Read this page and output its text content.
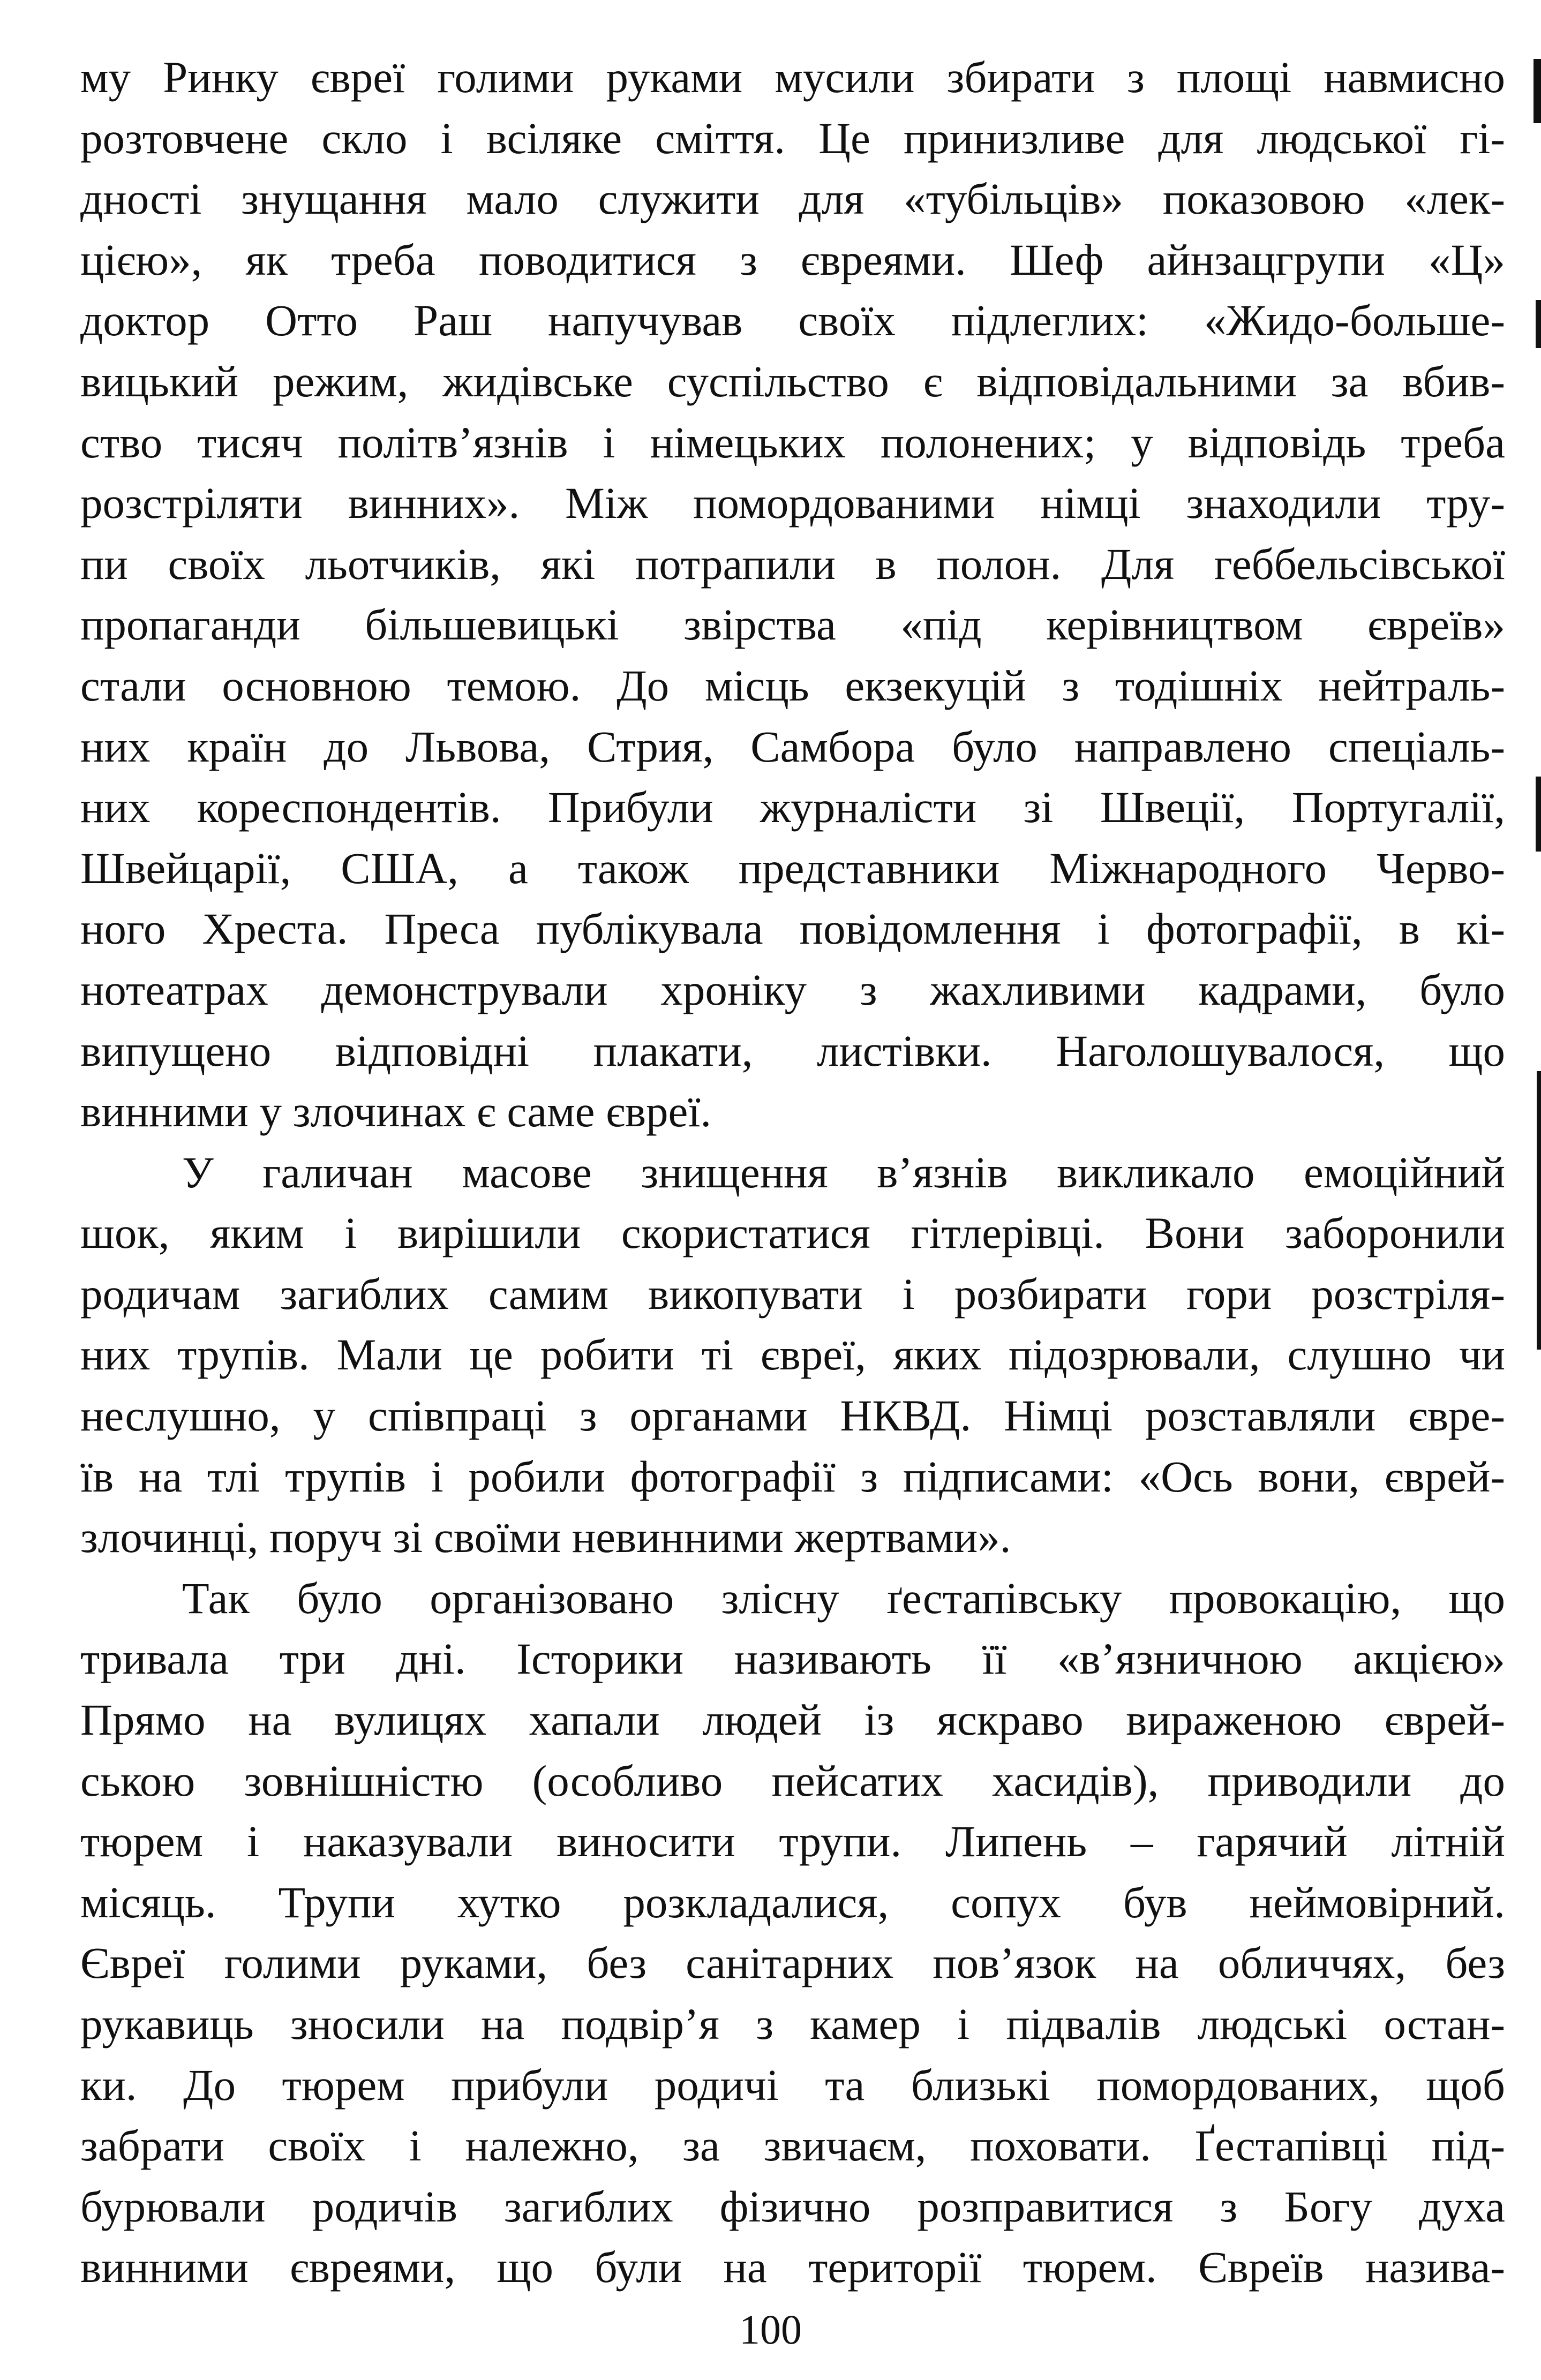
му Ринку євреї голими руками мусили збирати з площі навмисно
розтовчене скло і всіляке сміття. Це принизливе для людської гі-
дності знущання мало служити для «тубільців» показовою «лек-
цією», як треба поводитися з євреями. Шеф айнзацгрупи «Ц»
доктор Отто Раш напучував своїх підлеглих: «Жидо-больше-
вицький режим, жидівське суспільство є відповідальними за вбив-
ство тисяч політв’язнів і німецьких полонених; у відповідь треба
розстріляти винних». Між помордованими німці знаходили тру-
пи своїх льотчиків, які потрапили в полон. Для геббельсівської
пропаганди більшевицькі звірства «під керівництвом євреїв»
стали основною темою. До місць екзекуцій з тодішніх нейтраль-
них країн до Львова, Стрия, Самбора було направлено спеціаль-
них кореспондентів. Прибули журналісти зі Швеції, Португалії,
Швейцарії, США, а також представники Міжнародного Черво-
ного Хреста. Преса публікувала повідомлення і фотографії, в кі-
нотеатрах демонстрували хроніку з жахливими кадрами, було
випущено відповідні плакати, листівки. Наголошувалося, що
винними у злочинах є саме євреї.
У галичан масове знищення в’язнів викликало емоційний
шок, яким і вирішили скористатися гітлерівці. Вони заборонили
родичам загиблих самим викопувати і розбирати гори розстріля-
них трупів. Мали це робити ті євреї, яких підозрювали, слушно чи
неслушно, у співпраці з органами НКВД. Німці розставляли євре-
їв на тлі трупів і робили фотографії з підписами: «Ось вони, єврей-
злочинці, поруч зі своїми невинними жертвами».
Так було організовано злісну ґестапівську провокацію, що
тривала три дні. Історики називають її «в’язничною акцією»
Прямо на вулицях хапали людей із яскраво вираженою єврей-
ською зовнішністю (особливо пейсатих хасидів), приводили до
тюрем і наказували виносити трупи. Липень – гарячий літній
місяць. Трупи хутко розкладалися, сопух був неймовірний.
Євреї голими руками, без санітарних пов’язок на обличчях, без
рукавиць зносили на подвір’я з камер і підвалів людські остан-
ки. До тюрем прибули родичі та близькі помордованих, щоб
забрати своїх і належно, за звичаєм, поховати. Ґестапівці під-
бурювали родичів загиблих фізично розправитися з Богу духа
винними євреями, що були на території тюрем. Євреїв назива-
100
